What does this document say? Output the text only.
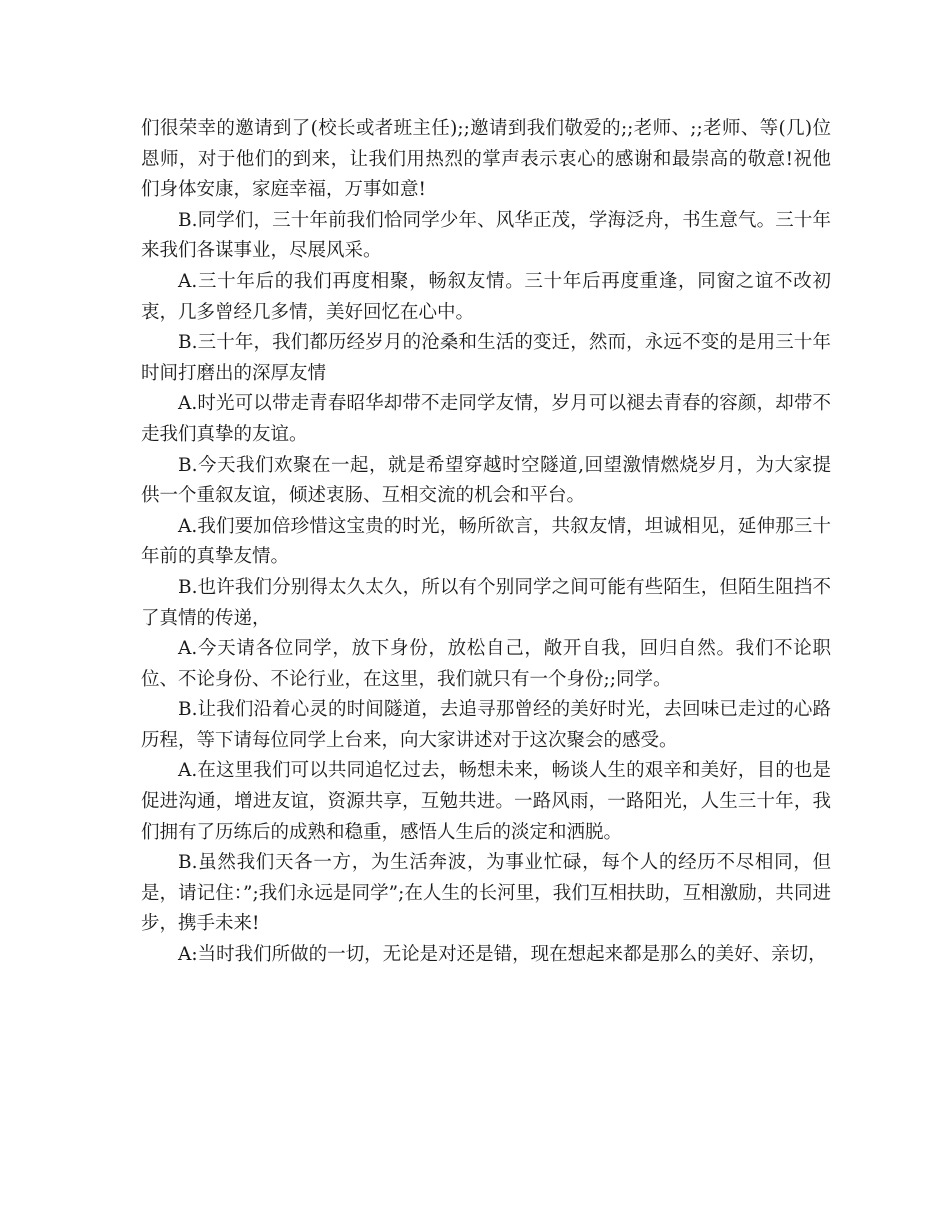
们很荣幸的邀请到了(校长或者班主任);;邀请到我们敬爱的;;老师、;;老师、等(几)位恩师，对于他们的到来，让我们用热烈的掌声表示衷心的感谢和最崇高的敬意!祝他们身体安康，家庭幸福，万事如意!

B.同学们，三十年前我们恰同学少年、风华正茂，学海泛舟，书生意气。三十年来我们各谋事业，尽展风采。

A.三十年后的我们再度相聚，畅叙友情。三十年后再度重逢，同窗之谊不改初衷，几多曾经几多情，美好回忆在心中。

B.三十年，我们都历经岁月的沧桑和生活的变迁，然而，永远不变的是用三十年时间打磨出的深厚友情

A.时光可以带走青春昭华却带不走同学友情，岁月可以褪去青春的容颜，却带不走我们真挚的友谊。

B.今天我们欢聚在一起，就是希望穿越时空隧道,回望激情燃烧岁月，为大家提供一个重叙友谊，倾述衷肠、互相交流的机会和平台。

A.我们要加倍珍惜这宝贵的时光，畅所欲言，共叙友情，坦诚相见，延伸那三十年前的真挚友情。

B.也许我们分别得太久太久，所以有个别同学之间可能有些陌生，但陌生阻挡不了真情的传递，

A.今天请各位同学，放下身份，放松自己，敞开自我，回归自然。我们不论职位、不论身份、不论行业，在这里，我们就只有一个身份;;同学。

B.让我们沿着心灵的时间隧道，去追寻那曾经的美好时光，去回味已走过的心路历程，等下请每位同学上台来，向大家讲述对于这次聚会的感受。

A.在这里我们可以共同追忆过去，畅想未来，畅谈人生的艰辛和美好，目的也是促进沟通，增进友谊，资源共享，互勉共进。一路风雨，一路阳光，人生三十年，我们拥有了历练后的成熟和稳重，感悟人生后的淡定和洒脱。

B.虽然我们天各一方，为生活奔波，为事业忙碌，每个人的经历不尽相同，但是，请记住：”;我们永远是同学”;在人生的长河里，我们互相扶助，互相激励，共同进步，携手未来!

A:当时我们所做的一切，无论是对还是错，现在想起来都是那么的美好、亲切，
